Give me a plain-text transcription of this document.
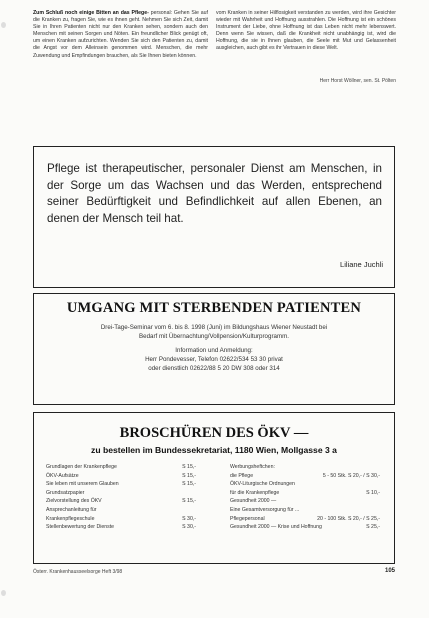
Zum Schluß noch einige Bitten an das Pflege- personal: Gehen Sie auf die Kranken zu, fragen Sie, wie es ihnen geht. Nehmen Sie sich Zeit, damit Sie in Ihren Patienten nicht nur den Kranken sehen, sondern auch den Menschen mit seinen Sorgen und Nöten. Ein freundlicher Blick genügt oft, um einen Kranken aufzurichten. Wenden Sie sich den Patienten zu, damit die Angst vor dem Alleinsein genommen wird. Menschen, die mehr Zuwendung und Empfindungen brauchen, als Sie Ihnen bieten können.
vom Kranken in seiner Hilflosigkeit verstanden zu werden, wird ihre Gesichter wieder mit Wahrheit und Hoffnung ausstrahlen. Die Hoffnung ist ein schönes Instrument der Liebe, ohne Hoffnung ist das Leben nicht mehr lebenswert. Denn wenn Sie wissen, daß die Krankheit nicht unabhängig ist, wird die Hoffnung, die sie in Ihnen glauben, die Seele mit Mut und Gelassenheit ausgleichen, auch gibt es ihr Vertrauen in diese Welt.
Herr Horst Wöllner, sen. St. Pölten

Pflege ist therapeutischer, personaler Dienst am Menschen, in der Sorge um das Wachsen und das Werden, entsprechend seiner Bedürftigkeit und Befindlichkeit auf allen Ebenen, an denen der Mensch teil hat.

Liliane Juchli
UMGANG MIT STERBENDEN PATIENTEN

Drei-Tage-Seminar vom 6. bis 8. 1998 (Juni) im Bildungshaus Wiener Neustadt bei

Bedarf mit Übernachtung/Vollpension/Kulturprogramm.

Information und Anmeldung:

Herr Pondevesser, Telefon 02622/534 53 30 privat

oder dienstlich 02622/88 5 20 DW 308 oder 314

BROSCHÜREN DES ÖKV —
zu bestellen im Bundessekretariat, 1180 Wien, Mollgasse 3 a
Grundlagen der Krankenpflege	S 15,-
ÖKV-Aufsätze	S 15,-
Sie leben mit unserem Glauben	S 15,-
Grundsatzpapier
Zielvorstellung des ÖKV	S 15,-
Ansprechanleitung für
Krankenpflegeschule	S 30,-
Stellenbewertung der Dienste	S 30,-
Werbungsheftchen:
die Pflege	5 - 50 Stk. S 20,- / S 30,-
ÖKV-Liturgische Ordnungen
für die Krankenpflege	S 10,-
Gesundheit 2000 —
Eine Gesamtversorgung für ...
Pflegepersonal	20 - 100 Stk. S 20,- / S 25,-
Gesundheit 2000 — Krise und Hoffnung	S 25,-
Österr. Krankenhausseelsorge Heft 3/98	105
